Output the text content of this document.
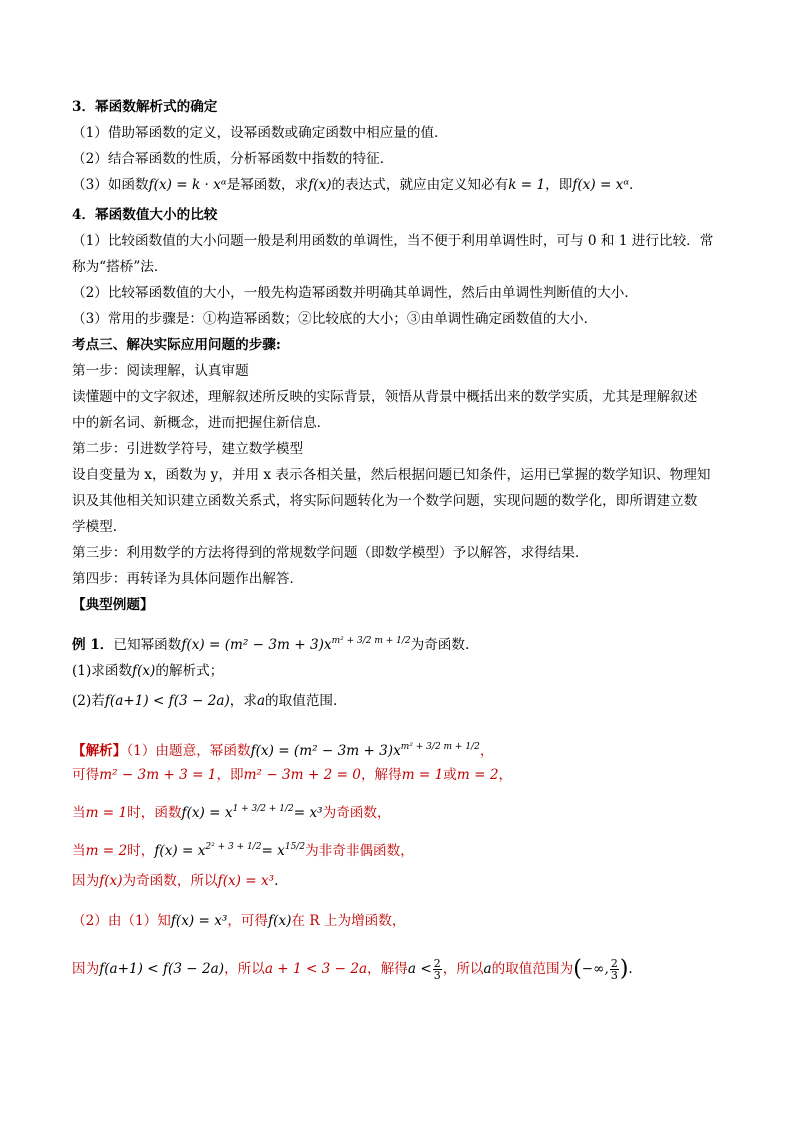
3．幂函数解析式的确定
（1）借助幂函数的定义，设幂函数或确定函数中相应量的值．
（2）结合幂函数的性质，分析幂函数中指数的特征．
（3）如函数f(x) = k · xᵅ是幂函数，求f(x)的表达式，就应由定义知必有k = 1，即f(x) = xᵅ．
4．幂函数值大小的比较
（1）比较函数值的大小问题一般是利用函数的单调性，当不便于利用单调性时，可与 0 和 1 进行比较．常
称为“搭桥”法．
（2）比较幂函数值的大小，一般先构造幂函数并明确其单调性，然后由单调性判断值的大小．
（3）常用的步骤是：①构造幂函数；②比较底的大小；③由单调性确定函数值的大小．
考点三、解决实际应用问题的步骤:
第一步：阅读理解，认真审题
读懂题中的文字叙述，理解叙述所反映的实际背景，领悟从背景中概括出来的数学实质，尤其是理解叙述
中的新名词、新概念，进而把握住新信息．
第二步：引进数学符号，建立数学模型
设自变量为 x，函数为 y，并用 x 表示各相关量，然后根据问题已知条件，运用已掌握的数学知识、物理知
识及其他相关知识建立函数关系式，将实际问题转化为一个数学问题，实现问题的数学化，即所谓建立数
学模型．
第三步：利用数学的方法将得到的常规数学问题（即数学模型）予以解答，求得结果．
第四步：再转译为具体问题作出解答．
【典型例题】
例 1．已知幂函数$f(x) = (m^2 - 3m + 3)x^{m^2 + 3/2 m + 1/2}$为奇函数.
(1)求函数f(x)的解析式；
(2)若f(a+1) < f(3 − 2a)，求a的取值范围.
【解析】（1）由题意，幂函数$f(x) = (m^2 - 3m + 3)x^{m^2 + 3/2 m + 1/2}$，
可得m² − 3m + 3 = 1，即m² − 3m + 2 = 0，解得m = 1或m = 2，
当m = 1时，函数$f(x) = x^{1 + 3/2 + 1/2}= x^3$为奇函数，
当m = 2时，$f(x) = x^{2^2 + 3 + 1/2}= x^{15/2}$为非奇非偶函数，
因为f(x)为奇函数，所以f(x) = x³.
（2）由（1）知f(x) = x³，可得f(x)在 R 上为增函数，
因为f(a+1) < f(3 − 2a)，所以a + 1 < 3 − 2a，解得$a < \frac{2}{3}$ ，所以a的取值范围为(−∞, $\frac{2}{3}$ ).
